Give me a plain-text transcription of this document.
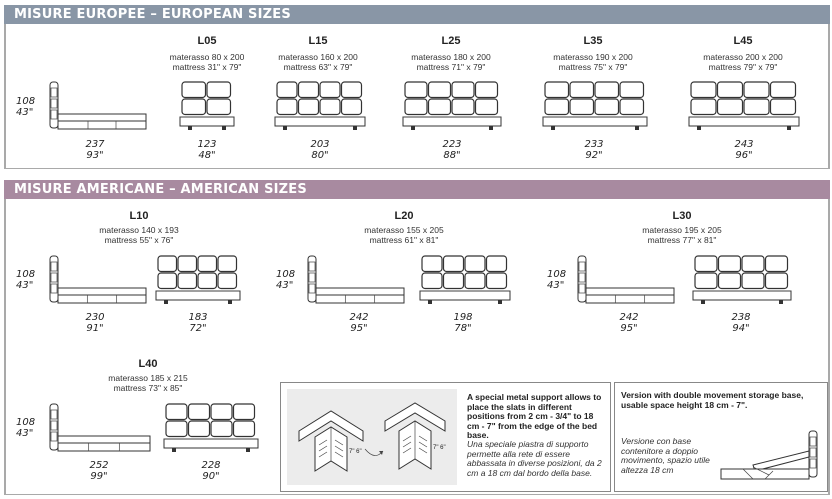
MISURE EUROPEE – EUROPEAN SIZES
108
43"
237
93"
L05
materasso 80 x 200
mattress 31" x 79"
123
48"
L15
materasso 160 x 200
mattress 63" x 79"
203
80"
L25
materasso 180 x 200
mattress 71" x 79"
223
88"
L35
materasso 190 x 200
mattress 75" x 79"
233
92"
L45
materasso 200 x 200
mattress 79" x 79"
243
96"
MISURE AMERICANE – AMERICAN SIZES
L10
materasso 140 x 193
mattress 55" x 76"
108
43"
230
91"
183
72"
L20
materasso 155 x 205
mattress 61" x 81"
108
43"
242
95"
198
78"
L30
materasso 195 x 205
mattress 77" x 81"
108
43"
242
95"
238
94"
L40
materasso 185 x 215
mattress 73" x 85"
108
43"
252
99"
228
90"
7" 6"
7" 6"
A special metal support allows to place the slats in different positions from 2 cm - 3/4" to 18 cm - 7" from the edge of the bed base.
Una speciale piastra di supporto permette alla rete di essere abbassata in diverse posizioni, da 2 cm a 18 cm dal bordo della base.
Version with double movement storage base, usable space height 18 cm - 7".
Versione con base contenitore a doppio movimento, spazio utile altezza 18 cm
